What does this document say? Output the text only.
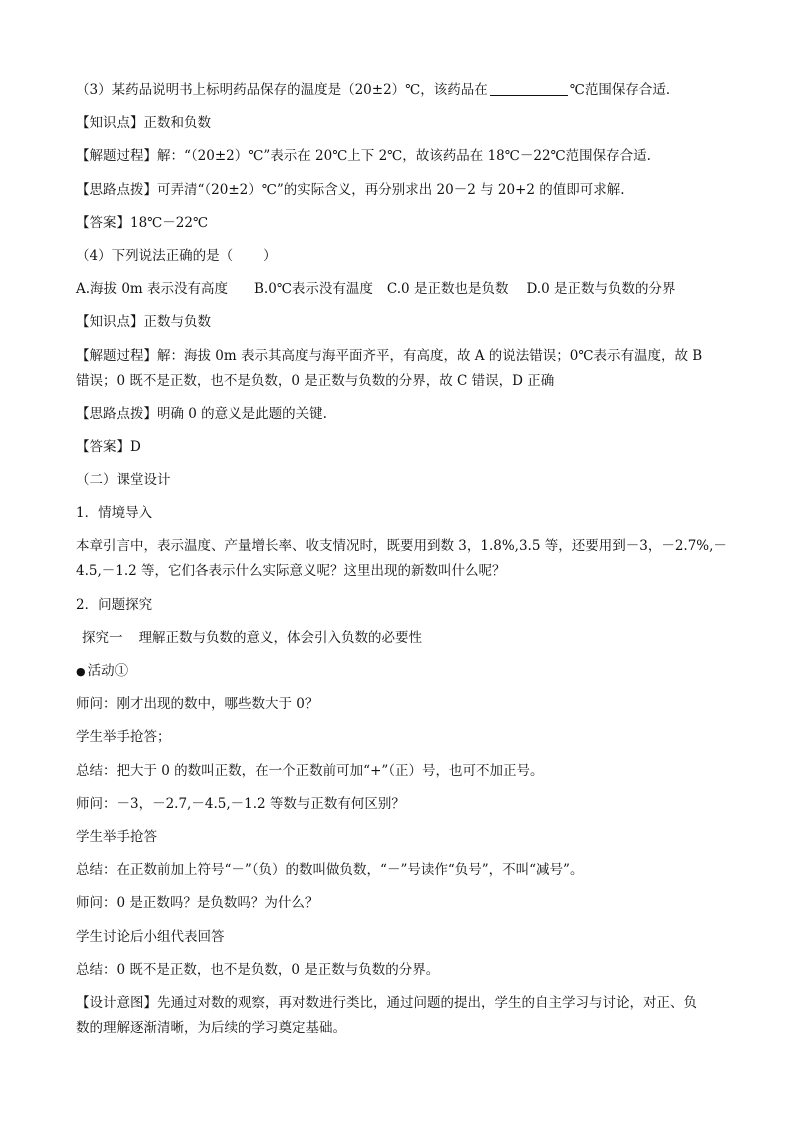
（3）某药品说明书上标明药品保存的温度是（20±2）℃，该药品在	℃范围保存合适．

【知识点】正数和负数

【解题过程】解：“（20±2）℃”表示在 20℃上下 2℃，故该药品在 18℃－22℃范围保存合适.

【思路点拨】可弄清“（20±2）℃”的实际含义，再分别求出 20－2 与 20+2 的值即可求解.

【答案】18℃－22℃

（4）下列说法正确的是（ ）

A.海拔 0m 表示没有高度 B.0℃表示没有温度 C.0 是正数也是负数 D.0 是正数与负数的分界

【知识点】正数与负数

【解题过程】解：海拔 0m 表示其高度与海平面齐平，有高度，故 A 的说法错误；0℃表示有温度，故 B

错误；0 既不是正数，也不是负数，0 是正数与负数的分界，故 C 错误，D 正确

【思路点拨】明确 0 的意义是此题的关键.

【答案】D

（二）课堂设计

1．情境导入

本章引言中，表示温度、产量增长率、收支情况时，既要用到数 3，1.8%,3.5 等，还要用到－3，－2.7%,－

4.5,－1.2 等，它们各表示什么实际意义呢？这里出现的新数叫什么呢？

2．问题探究

探究一 理解正数与负数的意义，体会引入负数的必要性

● 活动①

师问：刚才出现的数中，哪些数大于 0？

学生举手抢答；

总结：把大于 0 的数叫正数，在一个正数前可加“+”（正）号，也可不加正号。

师问：－3，－2.7,－4.5,－1.2 等数与正数有何区别？

学生举手抢答

总结：在正数前加上符号“－”（负）的数叫做负数，“－”号读作“负号”，不叫“减号”。

师问：0 是正数吗？是负数吗？为什么？

学生讨论后小组代表回答

总结：0 既不是正数，也不是负数，0 是正数与负数的分界。

【设计意图】先通过对数的观察，再对数进行类比，通过问题的提出，学生的自主学习与讨论，对正、负

数的理解逐渐清晰，为后续的学习奠定基础。
